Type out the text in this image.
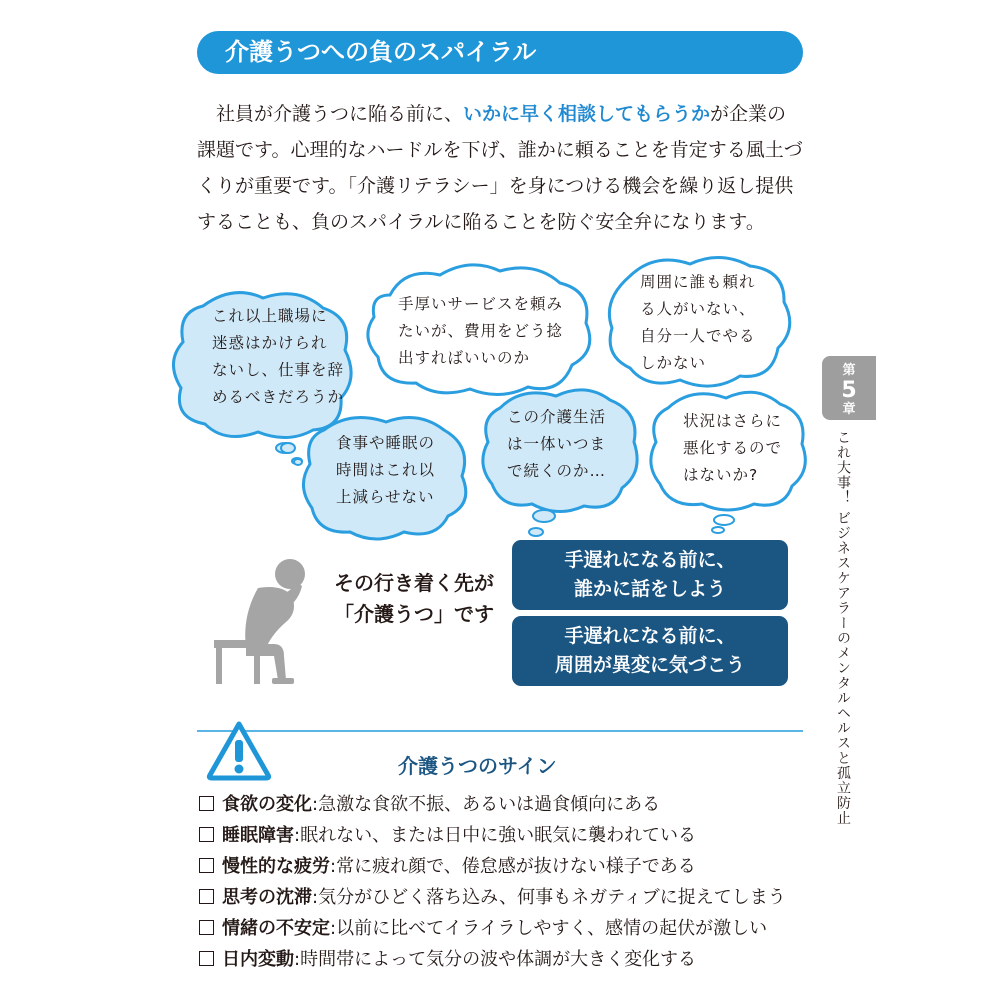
介護うつへの負のスパイラル

社員が介護うつに陥る前に、いかに早く相談してもらうかが企業の課題です。心理的なハードルを下げ、誰かに頼ることを肯定する風土づくりが重要です。「介護リテラシー」を身につける機会を繰り返し提供することも、負のスパイラルに陥ることを防ぐ安全弁になります。

これ以上職場に
迷惑はかけられ
ないし、仕事を辞
めるべきだろうか
手厚いサービスを頼み
たいが、費用をどう捻
出すればいいのか
周囲に誰も頼れ
る人がいない、
自分一人でやる
しかない
食事や睡眠の
時間はこれ以
上減らせない
この介護生活
は一体いつま
で続くのか…
状況はさらに
悪化するので
はないか?
その行き着く先が
「介護うつ」です
手遅れになる前に、
誰かに話をしよう
手遅れになる前に、
周囲が異変に気づこう
介護うつのサイン
食欲の変化:急激な食欲不振、あるいは過食傾向にある
睡眠障害:眠れない、または日中に強い眠気に襲われている
慢性的な疲労:常に疲れ顔で、倦怠感が抜けない様子である
思考の沈滞:気分がひどく落ち込み、何事もネガティブに捉えてしまう
情緒の不安定:以前に比べてイライラしやすく、感情の起伏が激しい
日内変動:時間帯によって気分の波や体調が大きく変化する
第
5
章
これ大事！ ビジネスケアラーのメンタルヘルスと孤立防止
